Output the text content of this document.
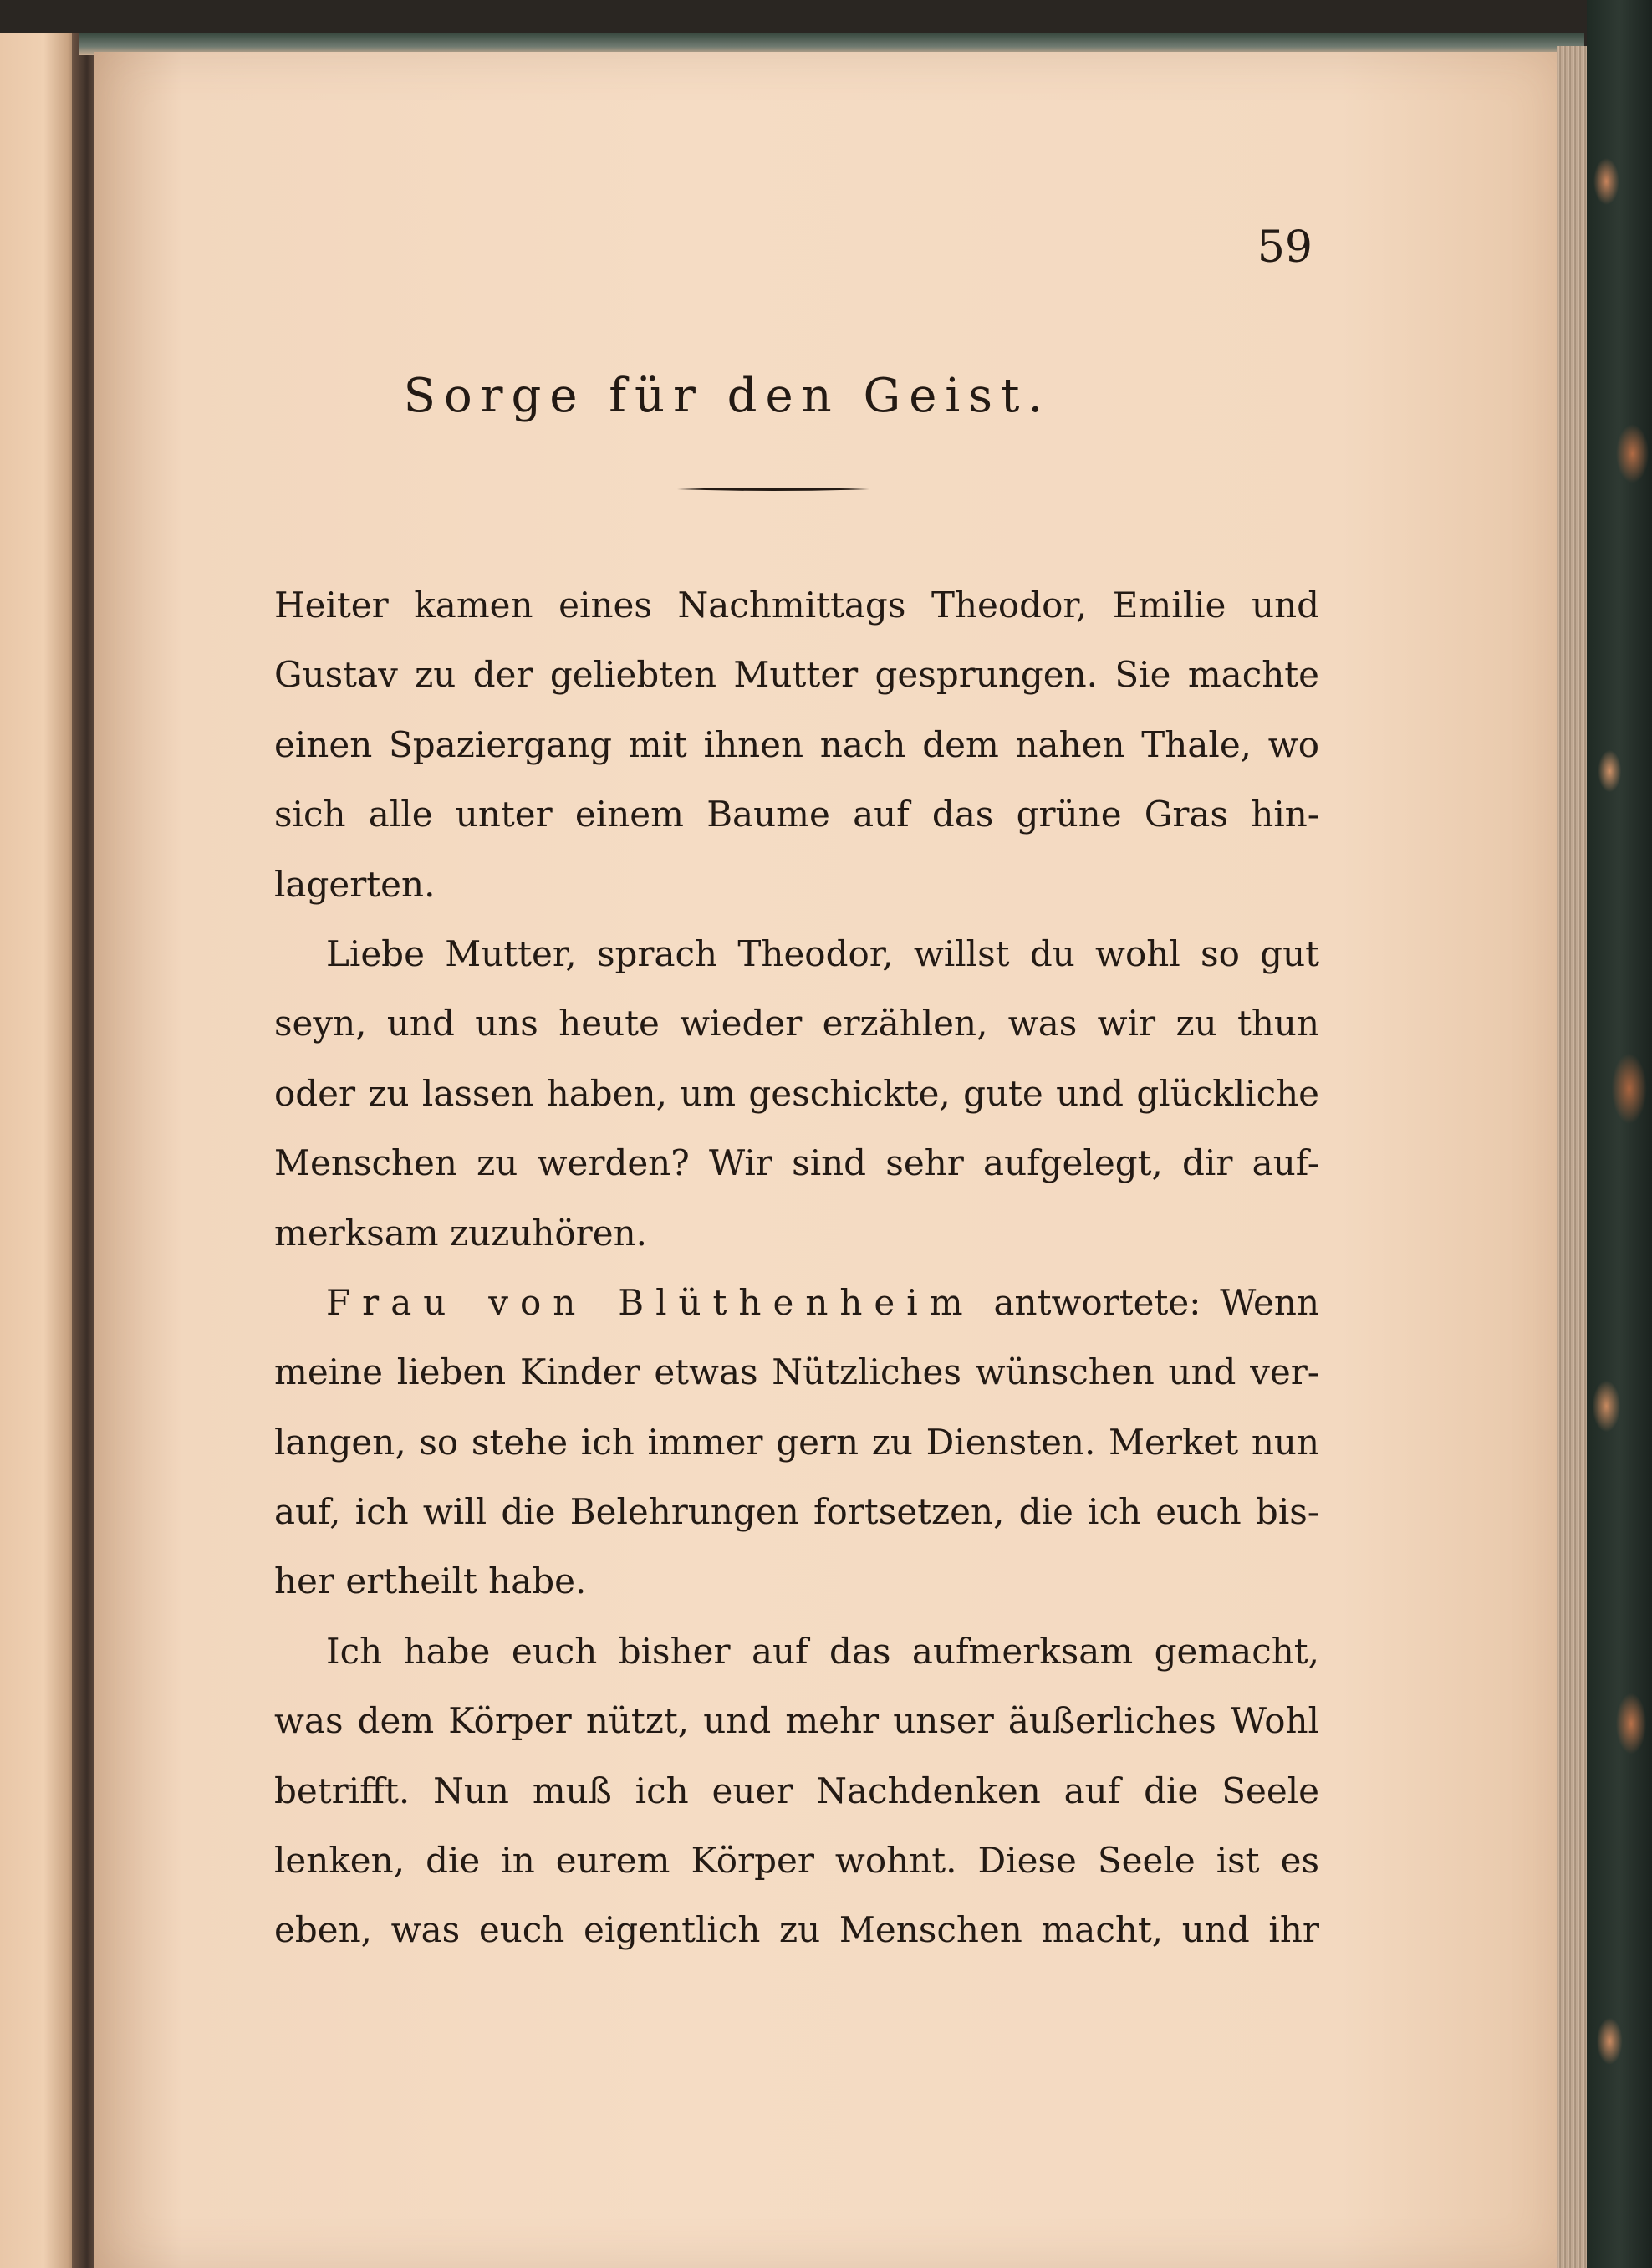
59
Sorge für den Geist.
Heiter kamen eines Nachmittags Theodor, Emilie und
Gustav zu der geliebten Mutter gesprungen. Sie machte
einen Spaziergang mit ihnen nach dem nahen Thale, wo
sich alle unter einem Baume auf das grüne Gras hin-
lagerten.
Liebe Mutter, sprach Theodor, willst du wohl so gut
seyn, und uns heute wieder erzählen, was wir zu thun
oder zu lassen haben, um geschickte, gute und glückliche
Menschen zu werden? Wir sind sehr aufgelegt, dir auf-
merksam zuzuhören.
Frau von Blüthenheim antwortete: Wenn
meine lieben Kinder etwas Nützliches wünschen und ver-
langen, so stehe ich immer gern zu Diensten. Merket nun
auf, ich will die Belehrungen fortsetzen, die ich euch bis-
her ertheilt habe.
Ich habe euch bisher auf das aufmerksam gemacht,
was dem Körper nützt, und mehr unser äußerliches Wohl
betrifft. Nun muß ich euer Nachdenken auf die Seele
lenken, die in eurem Körper wohnt. Diese Seele ist es
eben, was euch eigentlich zu Menschen macht, und ihr
